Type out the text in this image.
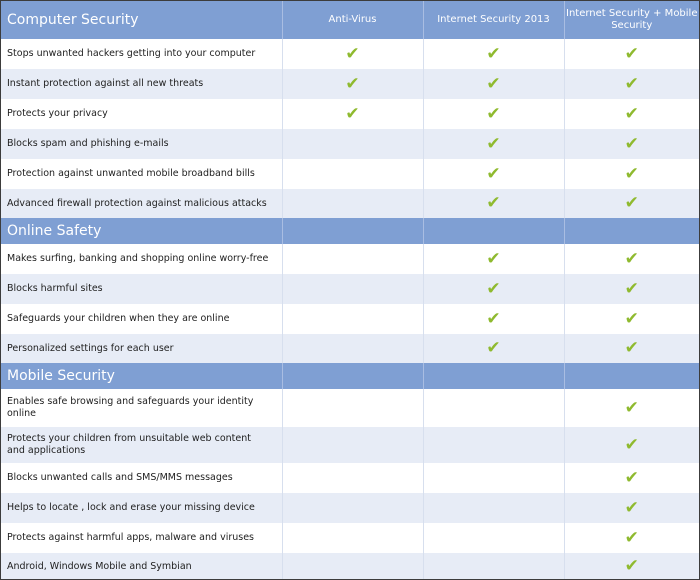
Computer Security	Anti-Virus	Internet Security 2013	Internet Security + Mobile Security
Stops unwanted hackers getting into your computer	✔	✔	✔
Instant protection against all new threats	✔	✔	✔
Protects your privacy	✔	✔	✔
Blocks spam and phishing e-mails		✔	✔
Protection against unwanted mobile broadband bills		✔	✔
Advanced firewall protection against malicious attacks		✔	✔
Online Safety			
Makes surfing, banking and shopping online worry-free		✔	✔
Blocks harmful sites		✔	✔
Safeguards your children when they are online		✔	✔
Personalized settings for each user		✔	✔
Mobile Security			
Enables safe browsing and safeguards your identity online			✔
Protects your children from unsuitable web content and applications			✔
Blocks unwanted calls and SMS/MMS messages			✔
Helps to locate , lock and erase your missing device			✔
Protects against harmful apps, malware and viruses			✔
Android, Windows Mobile and Symbian			✔
